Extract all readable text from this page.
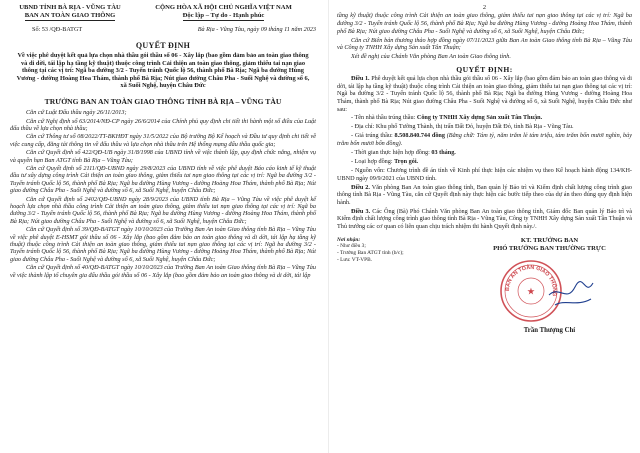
UBND TỈNH BÀ RỊA - VŨNG TÀU
BAN AN TOÀN GIAO THÔNG
CỘNG HÒA XÃ HỘI CHỦ NGHĨA VIỆT NAM
Độc lập – Tự do - Hạnh phúc
Số: 53 /QĐ-BATGT	Bà Rịa - Vũng Tàu, ngày 09 tháng 11 năm 2023
QUYẾT ĐỊNH
Về việc phê duyệt kết quả lựa chọn nhà thầu gói thầu số 06 - Xây lắp (bao gồm đảm bảo an toàn giao thông và di dời, tái lập hạ tầng kỹ thuật) thuộc công trình Cải thiện an toàn giao thông, giảm thiểu tai nạn giao thông tại các vị trí: Ngã ba đường 3/2 - Tuyến tránh Quốc lộ 56, thành phố Bà Rịa; Ngã ba đường Hùng Vương - đường Hoàng Hoa Thám, thành phố Bà Rịa; Nút giao đường Châu Pha - Suối Nghệ và đường số 6, xã Suối Nghệ, huyện Châu Đức
TRƯỞNG BAN AN TOÀN GIAO THÔNG TỈNH BÀ RỊA – VŨNG TÀU

Căn cứ Luật Đấu thầu ngày 26/11/2013;

Căn cứ Nghị định số 63/2014/NĐ-CP ngày 26/6/2014 của Chính phủ quy định chi tiết thi hành một số điều của Luật đấu thầu về lựa chọn nhà thầu;

Căn cứ Thông tư số 08/2022/TT-BKHĐT ngày 31/5/2022 của Bộ trưởng Bộ Kế hoạch và Đầu tư quy định chi tiết về việc cung cấp, đăng tải thông tin về đấu thầu và lựa chọn nhà thầu trên Hệ thống mạng đấu thầu quốc gia;

Căn cứ Quyết định số 422/QĐ-UB ngày 31/8/1998 của UBND tỉnh về việc thành lập, quy định chức năng, nhiệm vụ và quyền hạn Ban ATGT tỉnh Bà Rịa – Vũng Tàu;

Căn cứ Quyết định số 2111/QĐ-UBND ngày 29/8/2023 của UBND tỉnh về việc phê duyệt Báo cáo kinh tế kỹ thuật đầu tư xây dựng công trình Cải thiện an toàn giao thông, giảm thiểu tai nạn giao thông tại các vị trí: Ngã ba đường 3/2 - Tuyến tránh Quốc lộ 56, thành phố Bà Rịa; Ngã ba đường Hùng Vương - đường Hoàng Hoa Thám, thành phố Bà Rịa; Nút giao đường Châu Pha - Suối Nghệ và đường số 6, xã Suối Nghệ, huyện Châu Đức;

Căn cứ Quyết định số 2402/QĐ-UBND ngày 28/9/2023 của UBND tỉnh Bà Rịa – Vũng Tàu về việc phê duyệt kế hoạch lựa chọn nhà thầu công trình Cải thiện an toàn giao thông, giảm thiểu tai nạn giao thông tại các vị trí: Ngã ba đường 3/2 - Tuyến tránh Quốc lộ 56, thành phố Bà Rịa; Ngã ba đường Hùng Vương - đường Hoàng Hoa Thám, thành phố Bà Rịa; Nút giao đường Châu Pha - Suối Nghệ và đường số 6, xã Suối Nghệ, huyện Châu Đức;

Căn cứ Quyết định số 39/QĐ-BATGT ngày 10/10/2023 của Trưởng Ban An toàn Giao thông tỉnh Bà Rịa – Vũng Tàu về việc phê duyệt E-HSMT gói thầu số 06 - Xây lắp (bao gồm đảm bảo an toàn giao thông và di dời, tái lập hạ tầng kỹ thuật) thuộc công trình Cải thiện an toàn giao thông, giảm thiểu tai nạn giao thông tại các vị trí: Ngã ba đường 3/2 - Tuyến tránh Quốc lộ 56, thành phố Bà Rịa; Ngã ba đường Hùng Vương - đường Hoàng Hoa Thám, thành phố Bà Rịa; Nút giao đường Châu Pha - Suối Nghệ và đường số 6, xã Suối Nghệ, huyện Châu Đức;

Căn cứ Quyết định số 40/QĐ-BATGT ngày 10/10/2023 của Trưởng Ban An toàn Giao thông tỉnh Bà Rịa – Vũng Tàu về việc thành lập tổ chuyên gia đấu thầu gói thầu số 06 - Xây lắp (bao gồm đảm bảo an toàn giao thông và di dời, tái lập

2

tầng kỹ thuật) thuộc công trình Cải thiện an toàn giao thông, giảm thiểu tai nạn giao thông tại các vị trí: Ngã ba đường 3/2 - Tuyến tránh Quốc lộ 56, thành phố Bà Rịa; Ngã ba đường Hùng Vương - đường Hoàng Hoa Thám, thành phố Bà Rịa; Nút giao đường Châu Pha - Suối Nghệ và đường số 6, xã Suối Nghệ, huyện Châu Đức;

Căn cứ Biên bản thương thảo hợp đồng ngày 07/11/2023 giữa Ban An toàn Giao thông tỉnh Bà Rịa – Vũng Tàu và Công ty TNHH Xây dựng Sản xuất Tân Thuận;

Xét đề nghị của Chánh Văn phòng Ban An toàn Giao thông tỉnh.

QUYẾT ĐỊNH:

Điều 1. Phê duyệt kết quả lựa chọn nhà thầu gói thầu số 06 - Xây lắp (bao gồm đảm bảo an toàn giao thông và di dời, tái lập hạ tầng kỹ thuật) thuộc công trình Cải thiện an toàn giao thông, giảm thiểu tai nạn giao thông tại các vị trí: Ngã ba đường 3/2 - Tuyến tránh Quốc lộ 56, thành phố Bà Rịa; Ngã ba đường Hùng Vương - đường Hoàng Hoa Thám, thành phố Bà Rịa; Nút giao đường Châu Pha - Suối Nghệ và đường số 6, xã Suối Nghệ, huyện Châu Đức như sau:

- Tên nhà thầu trúng thầu: Công ty TNHH Xây dựng Sản xuất Tân Thuận.

- Địa chỉ: Khu phố Tường Thành, thị trấn Đất Đỏ, huyện Đất Đỏ, tỉnh Bà Rịa - Vũng Tàu.

- Giá trúng thầu: 8.508.840.744 đồng (Bằng chữ: Tám tỷ, năm trăm lẻ tám triệu, tám trăm bốn mươi nghìn, bảy trăm bốn mươi bốn đồng).

- Thời gian thực hiện hợp đồng: 03 tháng.

- Loại hợp đồng: Trọn gói.

- Nguồn vốn: Chương trình đề án tỉnh về Kinh phí thực hiện các nhiệm vụ theo Kế hoạch hành động 134/KH-UBND ngày 09/9/2021 của UBND tỉnh.

Điều 2. Văn phòng Ban An toàn giao thông tỉnh, Ban quản lý Bảo trì và Kiểm định chất lượng công trình giao thông tỉnh Bà Rịa - Vũng Tàu, căn cứ Quyết định này thực hiện các bước tiếp theo của dự án theo đúng quy định hiện hành.

Điều 3. Các Ông (Bà) Phó Chánh Văn phòng Ban An toàn giao thông tỉnh, Giám đốc Ban quản lý Bảo trì và Kiểm định chất lượng công trình giao thông tỉnh Bà Rịa - Vũng Tàu, Công ty TNHH Xây dựng Sản xuất Tân Thuận và Thủ trưởng các cơ quan có liên quan chịu trách nhiệm thi hành Quyết định này./.

Nơi nhận:
- Như điều 3;
- Trưởng Ban ATGT tỉnh (b/c);
- Lưu: VT-VPB.
KT. TRƯỞNG BAN
PHÓ TRƯỞNG BAN THƯỜNG TRỰC
BAN AN TOÀN GIAO THÔNG
★
Trần Thượng Chí
